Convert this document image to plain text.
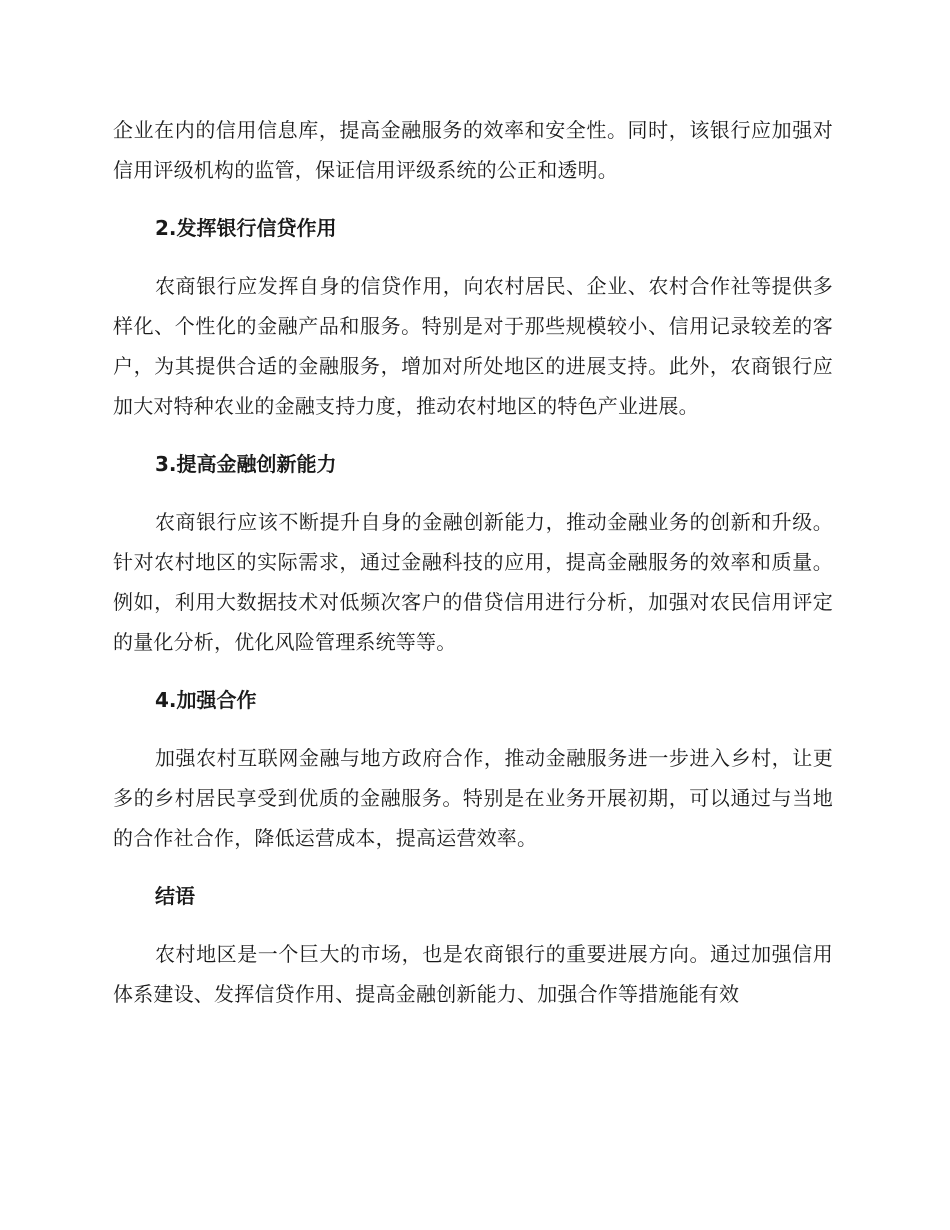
企业在内的信用信息库，提高金融服务的效率和安全性。同时，该银行应加强对信用评级机构的监管，保证信用评级系统的公正和透明。

2.发挥银行信贷作用

农商银行应发挥自身的信贷作用，向农村居民、企业、农村合作社等提供多样化、个性化的金融产品和服务。特别是对于那些规模较小、信用记录较差的客户，为其提供合适的金融服务，增加对所处地区的进展支持。此外，农商银行应加大对特种农业的金融支持力度，推动农村地区的特色产业进展。

3.提高金融创新能力

农商银行应该不断提升自身的金融创新能力，推动金融业务的创新和升级。针对农村地区的实际需求，通过金融科技的应用，提高金融服务的效率和质量。例如，利用大数据技术对低频次客户的借贷信用进行分析，加强对农民信用评定的量化分析，优化风险管理系统等等。

4.加强合作

加强农村互联网金融与地方政府合作，推动金融服务进一步进入乡村，让更多的乡村居民享受到优质的金融服务。特别是在业务开展初期，可以通过与当地的合作社合作，降低运营成本，提高运营效率。

结语

农村地区是一个巨大的市场，也是农商银行的重要进展方向。通过加强信用体系建设、发挥信贷作用、提高金融创新能力、加强合作等措施能有效
